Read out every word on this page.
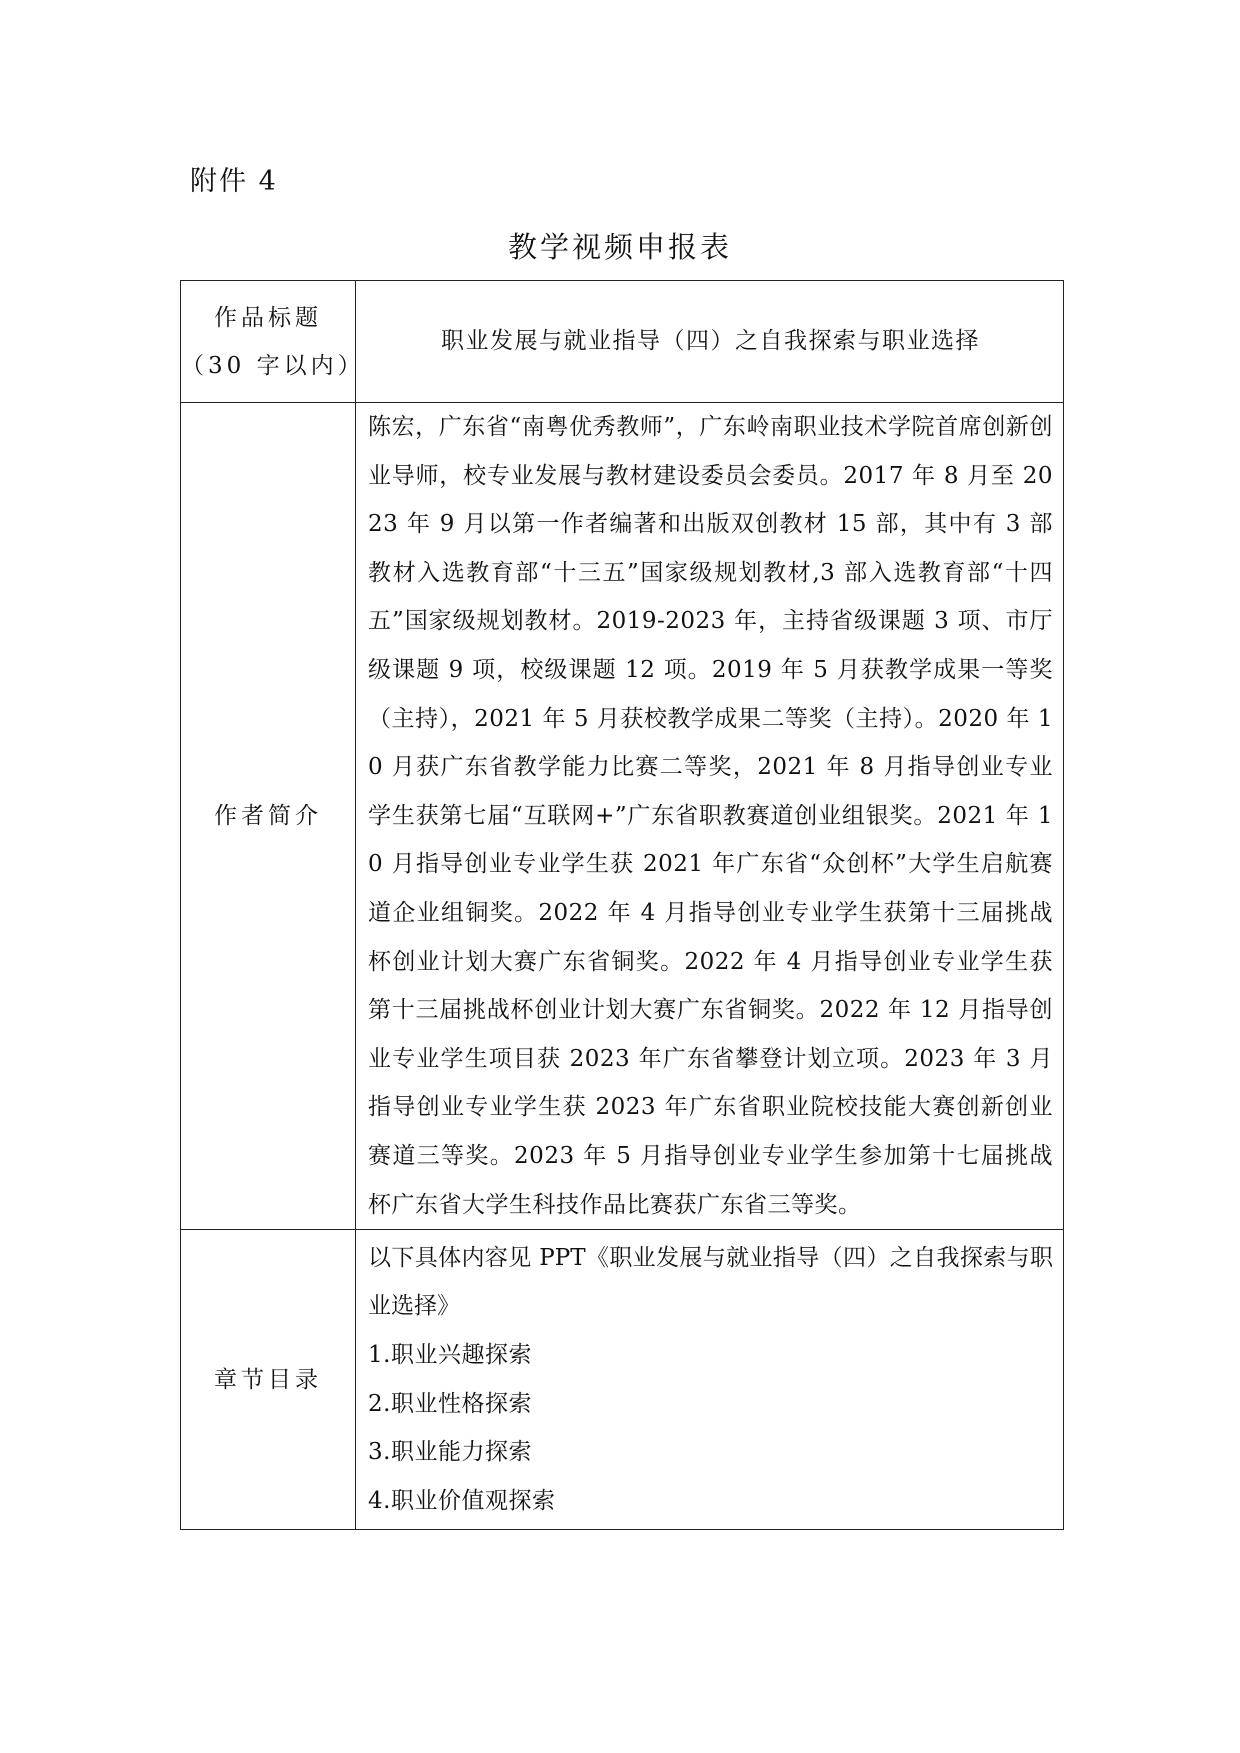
附件 4
教学视频申报表
作品标题
（30 字以内）	职业发展与就业指导（四）之自我探索与职业选择

作者简介	陈宏，广东省“南粤优秀教师”，广东岭南职业技术学院首席创新创业导师，校专业发展与教材建设委员会委员。2017 年 8 月至 2023 年 9 月以第一作者编著和出版双创教材 15 部，其中有 3 部教材入选教育部“十三五”国家级规划教材,3 部入选教育部“十四五”国家级规划教材。2019-2023 年，主持省级课题 3 项、市厅级课题 9 项，校级课题 12 项。2019 年 5 月获教学成果一等奖（主持），2021 年 5 月获校教学成果二等奖（主持）。2020 年 10 月获广东省教学能力比赛二等奖，2021 年 8 月指导创业专业学生获第七届“互联网+”广东省职教赛道创业组银奖。2021 年 10 月指导创业专业学生获 2021 年广东省“众创杯”大学生启航赛道企业组铜奖。2022 年 4 月指导创业专业学生获第十三届挑战杯创业计划大赛广东省铜奖。2022 年 4 月指导创业专业学生获第十三届挑战杯创业计划大赛广东省铜奖。2022 年 12 月指导创业专业学生项目获 2023 年广东省攀登计划立项。2023 年 3 月指导创业专业学生获 2023 年广东省职业院校技能大赛创新创业赛道三等奖。2023 年 5 月指导创业专业学生参加第十七届挑战杯广东省大学生科技作品比赛获广东省三等奖。

章节目录	以下具体内容见 PPT《职业发展与就业指导（四）之自我探索与职业选择》
1.职业兴趣探索
2.职业性格探索
3.职业能力探索
4.职业价值观探索
